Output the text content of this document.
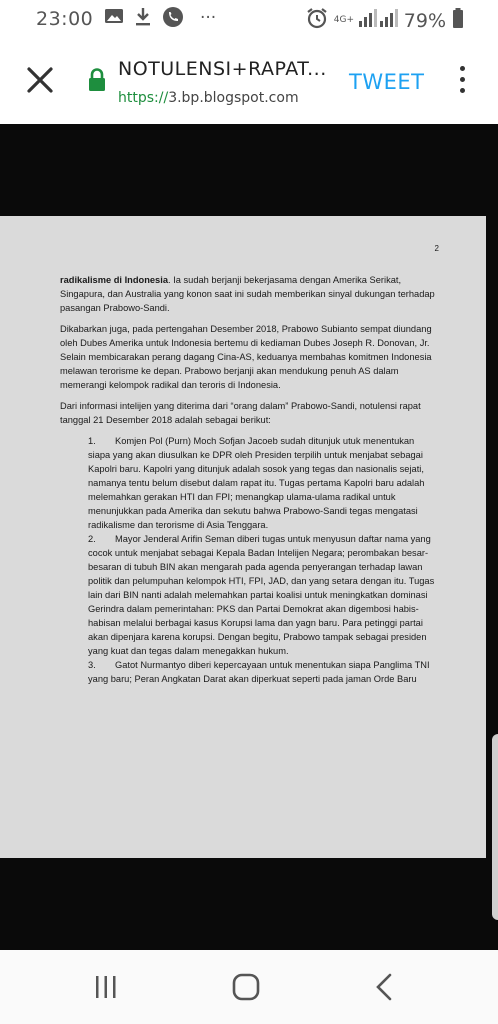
23:00	···	4G+	79%
NOTULENSI+RAPAT...
https://3.bp.blogspot.com
TWEET
2

radikalisme di Indonesia. Ia sudah berjanji bekerjasama dengan Amerika Serikat, Singapura, dan Australia yang konon saat ini sudah memberikan sinyal dukungan terhadap pasangan Prabowo-Sandi.

Dikabarkan juga, pada pertengahan Desember 2018, Prabowo Subianto sempat diundang oleh Dubes Amerika untuk Indonesia bertemu di kediaman Dubes Joseph R. Donovan, Jr. Selain membicarakan perang dagang Cina-AS, keduanya membahas komitmen Indonesia melawan terorisme ke depan. Prabowo berjanji akan mendukung penuh AS dalam memerangi kelompok radikal dan teroris di Indonesia.

Dari informasi intelijen yang diterima dari “orang dalam” Prabowo-Sandi, notulensi rapat tanggal 21 Desember 2018 adalah sebagai berikut:

1. Komjen Pol (Purn) Moch Sofjan Jacoeb sudah ditunjuk utuk menentukan siapa yang akan diusulkan ke DPR oleh Presiden terpilih untuk menjabat sebagai Kapolri baru. Kapolri yang ditunjuk adalah sosok yang tegas dan nasionalis sejati, namanya tentu belum disebut dalam rapat itu. Tugas pertama Kapolri baru adalah melemahkan gerakan HTI dan FPI; menangkap ulama-ulama radikal untuk menunjukkan pada Amerika dan sekutu bahwa Prabowo-Sandi tegas mengatasi radikalisme dan terorisme di Asia Tenggara.
2. Mayor Jenderal Arifin Seman diberi tugas untuk menyusun daftar nama yang cocok untuk menjabat sebagai Kepala Badan Intelijen Negara; perombakan besar-besaran di tubuh BIN akan mengarah pada agenda penyerangan terhadap lawan politik dan pelumpuhan kelompok HTI, FPI, JAD, dan yang setara dengan itu. Tugas lain dari BIN nanti adalah melemahkan partai koalisi untuk meningkatkan dominasi Gerindra dalam pemerintahan: PKS dan Partai Demokrat akan digembosi habis-habisan melalui berbagai kasus Korupsi lama dan yagn baru. Para petinggi partai akan dipenjara karena korupsi. Dengan begitu, Prabowo tampak sebagai presiden yang kuat dan tegas dalam menegakkan hukum.
3. Gatot Nurmantyo diberi kepercayaan untuk menentukan siapa Panglima TNI yang baru; Peran Angkatan Darat akan diperkuat seperti pada jaman Orde Baru
